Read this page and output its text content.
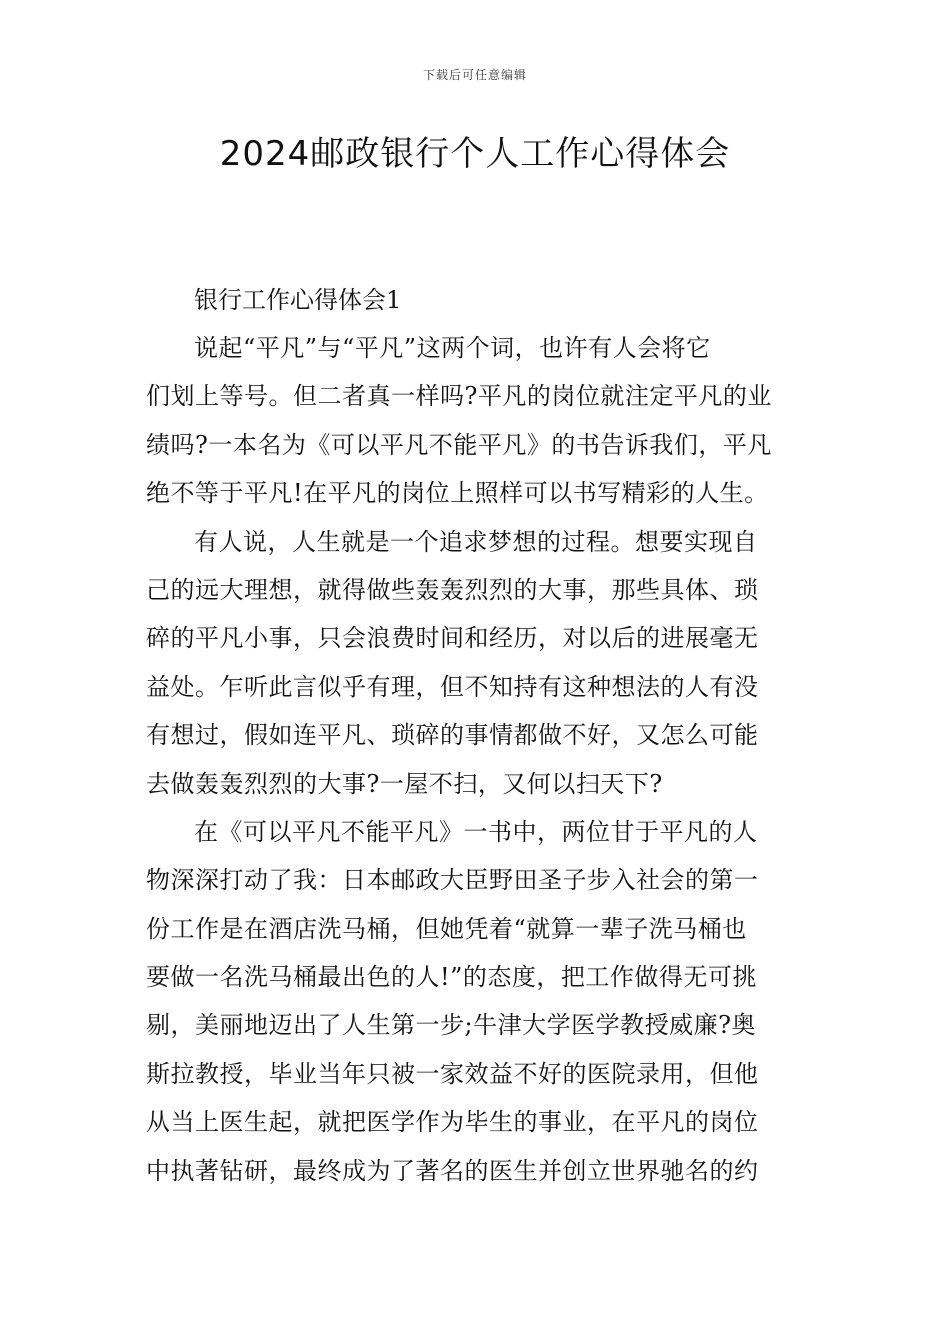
下载后可任意编辑
2024邮政银行个人工作心得体会

银行工作心得体会1

说起“平凡”与“平凡”这两个词，也许有人会将它

们划上等号。但二者真一样吗?平凡的岗位就注定平凡的业

绩吗?一本名为《可以平凡不能平凡》的书告诉我们，平凡

绝不等于平凡!在平凡的岗位上照样可以书写精彩的人生。

有人说，人生就是一个追求梦想的过程。想要实现自

己的远大理想，就得做些轰轰烈烈的大事，那些具体、琐

碎的平凡小事，只会浪费时间和经历，对以后的进展毫无

益处。乍听此言似乎有理，但不知持有这种想法的人有没

有想过，假如连平凡、琐碎的事情都做不好，又怎么可能

去做轰轰烈烈的大事?一屋不扫，又何以扫天下?

在《可以平凡不能平凡》一书中，两位甘于平凡的人

物深深打动了我：日本邮政大臣野田圣子步入社会的第一

份工作是在酒店洗马桶，但她凭着“就算一辈子洗马桶也

要做一名洗马桶最出色的人!”的态度，把工作做得无可挑

剔，美丽地迈出了人生第一步;牛津大学医学教授威廉?奥

斯拉教授，毕业当年只被一家效益不好的医院录用，但他

从当上医生起，就把医学作为毕生的事业，在平凡的岗位

中执著钻研，最终成为了著名的医生并创立世界驰名的约
